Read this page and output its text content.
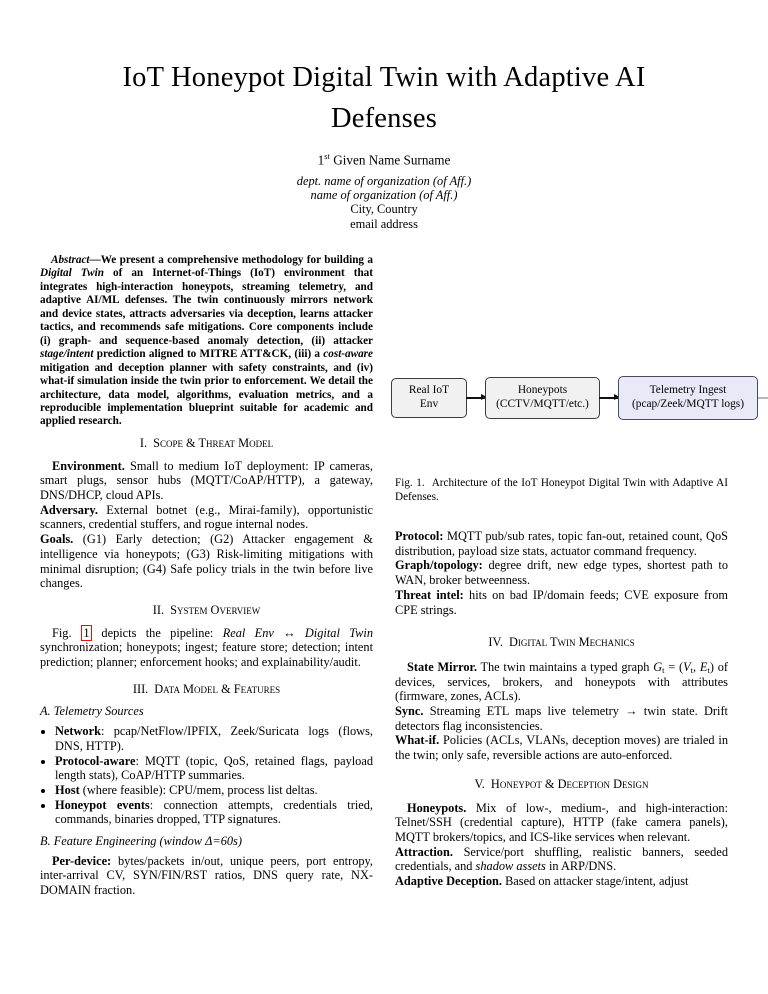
IoT Honeypot Digital Twin with Adaptive AI
Defenses
1st Given Name Surname
dept. name of organization (of Aff.)
name of organization (of Aff.)
City, Country
email address

Abstract—We present a comprehensive methodology for building a Digital Twin of an Internet-of-Things (IoT) environment that integrates high-interaction honeypots, streaming telemetry, and adaptive AI/ML defenses. The twin continuously mirrors network and device states, attracts adversaries via deception, learns attacker tactics, and recommends safe mitigations. Core components include (i) graph- and sequence-based anomaly detection, (ii) attacker stage/intent prediction aligned to MITRE ATT&CK, (iii) a cost-aware mitigation and deception planner with safety constraints, and (iv) what-if simulation inside the twin prior to enforcement. We detail the architecture, data model, algorithms, evaluation metrics, and a reproducible implementation blueprint suitable for academic and applied research.

I. Scope & Threat Model

Environment. Small to medium IoT deployment: IP cameras, smart plugs, sensor hubs (MQTT/CoAP/HTTP), a gateway, DNS/DHCP, cloud APIs.

Adversary. External botnet (e.g., Mirai-family), opportunistic scanners, credential stuffers, and rogue internal nodes.

Goals. (G1) Early detection; (G2) Attacker engagement & intelligence via honeypots; (G3) Risk-limiting mitigations with minimal disruption; (G4) Safe policy trials in the twin before live changes.

II. System Overview

Fig. 1 depicts the pipeline: Real Env ↔ Digital Twin synchronization; honeypots; ingest; feature store; detection; intent prediction; planner; enforcement hooks; and explainability/audit.

III. Data Model & Features
A. Telemetry Sources
• Network: pcap/NetFlow/IPFIX, Zeek/Suricata logs (flows, DNS, HTTP).
• Protocol-aware: MQTT (topic, QoS, retained flags, payload length stats), CoAP/HTTP summaries.
• Host (where feasible): CPU/mem, process list deltas.
• Honeypot events: connection attempts, credentials tried, commands, binaries dropped, TTP signatures.
B. Feature Engineering (window Δ=60s)

Per-device: bytes/packets in/out, unique peers, port entropy, inter-arrival CV, SYN/FIN/RST ratios, DNS query rate, NX-DOMAIN fraction.

Real IoT
Env
Honeypots
(CCTV/MQTT/etc.)
Telemetry Ingest
(pcap/Zeek/MQTT logs)
Fig. 1. Architecture of the IoT Honeypot Digital Twin with Adaptive AI Defenses.

Protocol: MQTT pub/sub rates, topic fan-out, retained count, QoS distribution, payload size stats, actuator command frequency.

Graph/topology: degree drift, new edge types, shortest path to WAN, broker betweenness.

Threat intel: hits on bad IP/domain feeds; CVE exposure from CPE strings.

IV. Digital Twin Mechanics

State Mirror. The twin maintains a typed graph $G_t = (V_t$, $E_t$) of devices, services, brokers, and honeypots with attributes (firmware, zones, ACLs).

Sync. Streaming ETL maps live telemetry → twin state. Drift detectors flag inconsistencies.

What-if. Policies (ACLs, VLANs, deception moves) are trialed in the twin; only safe, reversible actions are auto-enforced.

V. Honeypot & Deception Design

Honeypots. Mix of low-, medium-, and high-interaction: Telnet/SSH (credential capture), HTTP (fake camera panels), MQTT brokers/topics, and ICS-like services when relevant.

Attraction. Service/port shuffling, realistic banners, seeded credentials, and shadow assets in ARP/DNS.

Adaptive Deception. Based on attacker stage/intent, adjust
